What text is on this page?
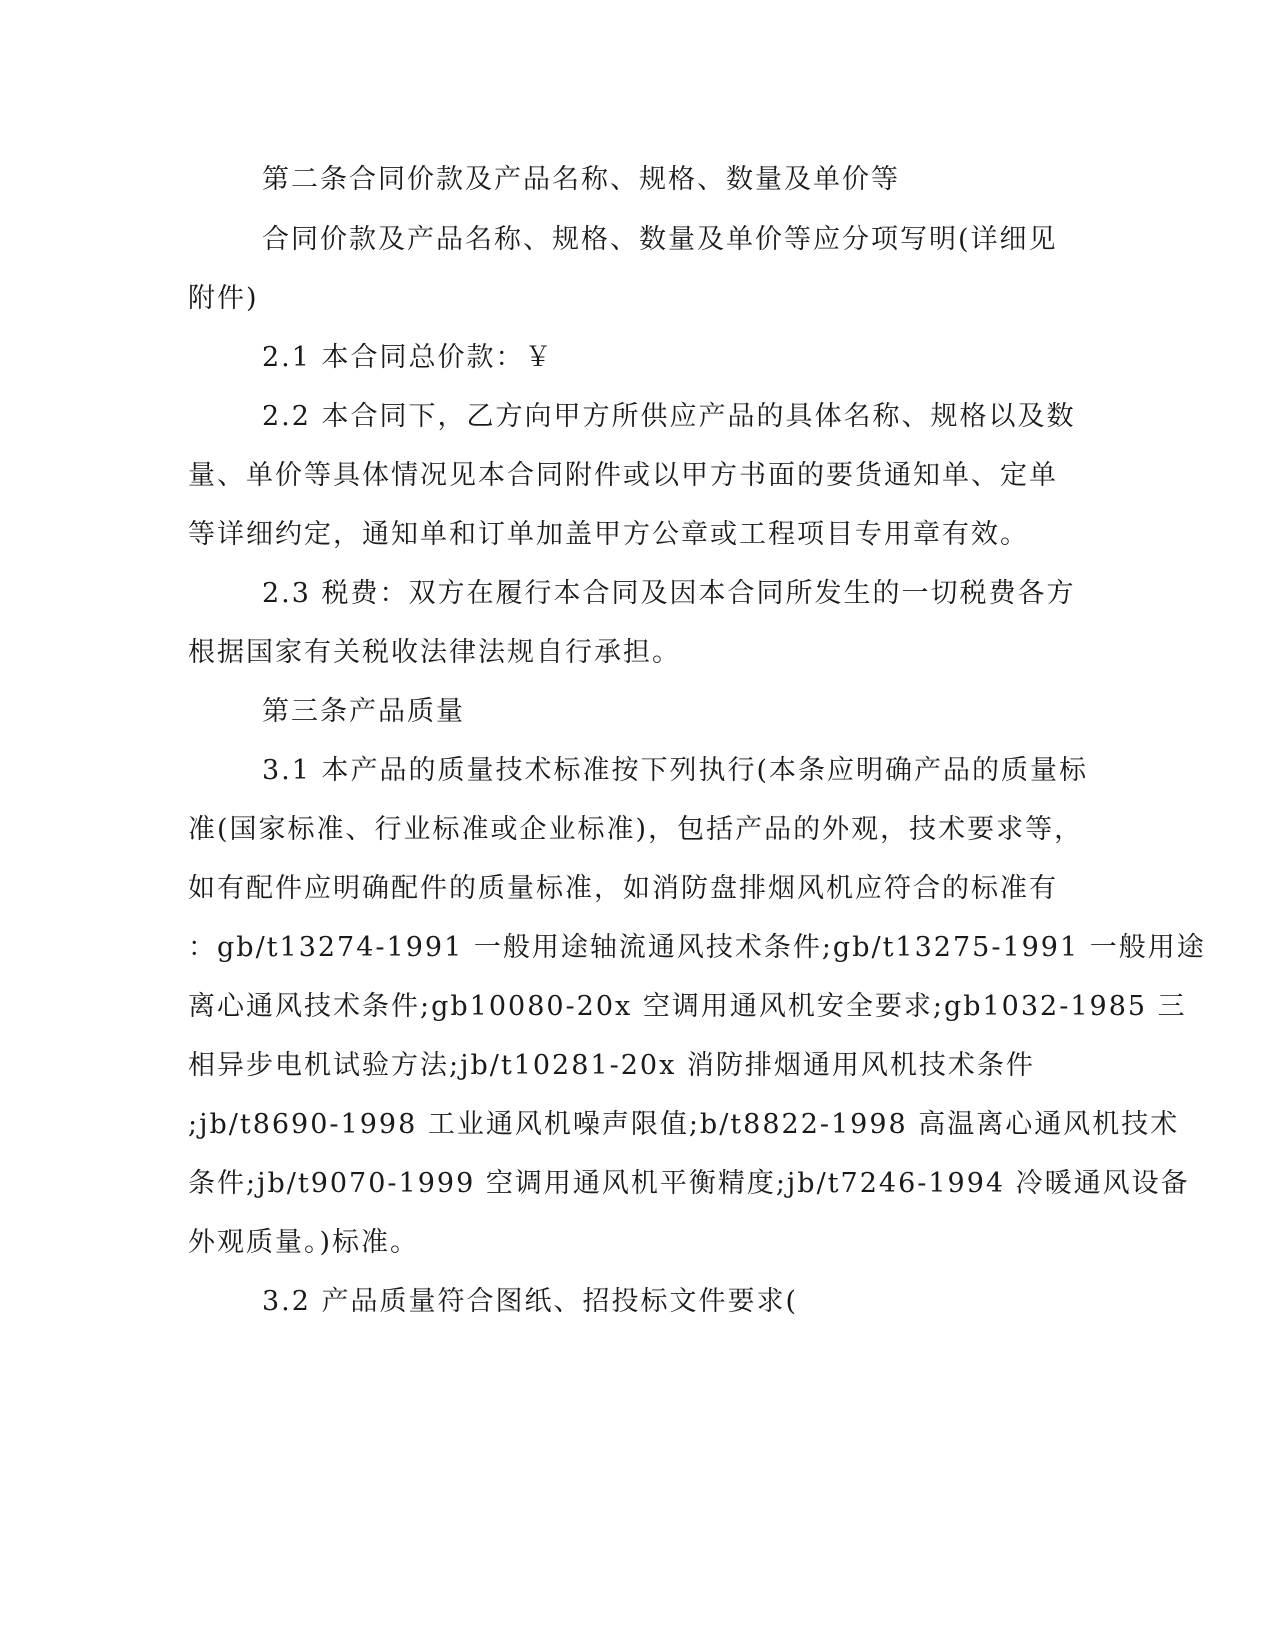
第二条合同价款及产品名称、规格、数量及单价等
合同价款及产品名称、规格、数量及单价等应分项写明(详细见
附件)
2.1 本合同总价款：￥
2.2 本合同下，乙方向甲方所供应产品的具体名称、规格以及数
量、单价等具体情况见本合同附件或以甲方书面的要货通知单、定单
等详细约定，通知单和订单加盖甲方公章或工程项目专用章有效。
2.3 税费：双方在履行本合同及因本合同所发生的一切税费各方
根据国家有关税收法律法规自行承担。
第三条产品质量
3.1 本产品的质量技术标准按下列执行(本条应明确产品的质量标
准(国家标准、行业标准或企业标准)，包括产品的外观，技术要求等，
如有配件应明确配件的质量标准，如消防盘排烟风机应符合的标准有
：gb/t13274-1991 一般用途轴流通风技术条件;gb/t13275-1991 一般用途
离心通风技术条件;gb10080-20x 空调用通风机安全要求;gb1032-1985 三
相异步电机试验方法;jb/t10281-20x 消防排烟通用风机技术条件
;jb/t8690-1998 工业通风机噪声限值;b/t8822-1998 高温离心通风机技术
条件;jb/t9070-1999 空调用通风机平衡精度;jb/t7246-1994 冷暖通风设备
外观质量。)标准。
3.2 产品质量符合图纸、招投标文件要求(
